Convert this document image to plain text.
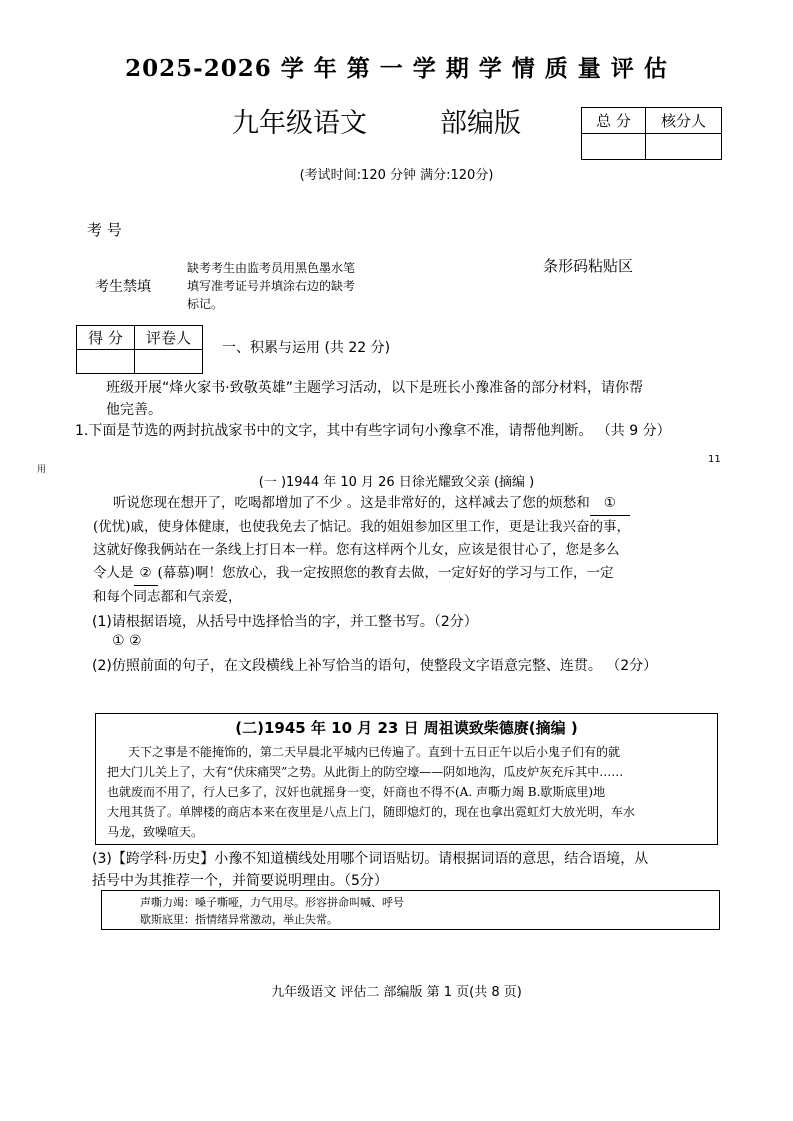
2025-2026 学 年 第 一 学 期 学 情 质 量 评 估
九年级语文	部编版	总 分	核分人

(考试时间:120 分钟 满分:120分)
考 号
考生禁填
缺考考生由监考员用黑色墨水笔
填写准考证号并填涂右边的缺考
标记。
条形码粘贴区
得 分	评卷人

一、积累与运用 (共 22 分)
班级开展“烽火家书·致敬英雄”主题学习活动，以下是班长小豫准备的部分材料，请你帮
他完善。
1.下面是节选的两封抗战家书中的文字，其中有些字词句小豫拿不准，请帮他判断。 （共 9 分）
用
11
(一 )1944 年 10 月 26 日徐光耀致父亲 (摘编 )
听说您现在想开了，吃喝都增加了不少 。这是非常好的，这样减去了您的烦愁和 ①
(优忧)戚，使身体健康，也使我免去了惦记。我的姐姐参加区里工作，更是让我兴奋的事，
这就好像我俩站在一条线上打日本一样。您有这样两个儿女，应该是很甘心了，您是多么
令人是 ② (幕慕)啊！您放心，我一定按照您的教育去做，一定好好的学习与工作，一定
和每个同志都和气亲爱，
(1)请根据语境，从括号中选择恰当的字，并工整书写。（2分）
① ②
(2)仿照前面的句子，在文段横线上补写恰当的语句，使整段文字语意完整、连贯。 （2分）
(二)1945 年 10 月 23 日 周祖谟致柴德赓(摘编 )
天下之事是不能掩饰的，第二天早晨北平城内已传遍了。直到十五日正午以后小鬼子们有的就
把大门儿关上了，大有“伏床痛哭”之势。从此街上的防空壕——阴如地沟，瓜皮炉灰充斥其中……
也就废而不用了，行人已多了，汉奸也就摇身一变，奸商也不得不(A. 声嘶力竭 B.歇斯底里)地
大甩其货了。单牌楼的商店本来在夜里是八点上门，随即熄灯的，现在也拿出霓虹灯大放光明，车水
马龙，致噪喧天。
(3)【跨学科·历史】小豫不知道横线处用哪个词语贴切。请根据词语的意思，结合语境，从
括号中为其推荐一个，并简要说明理由。（5分）
声嘶力竭：嗓子嘶哑，力气用尽。形容拼命叫喊、呼号
歇斯底里：指情绪异常激动，举止失常。
九年级语文 评估二 部编版 第 1 页(共 8 页)
